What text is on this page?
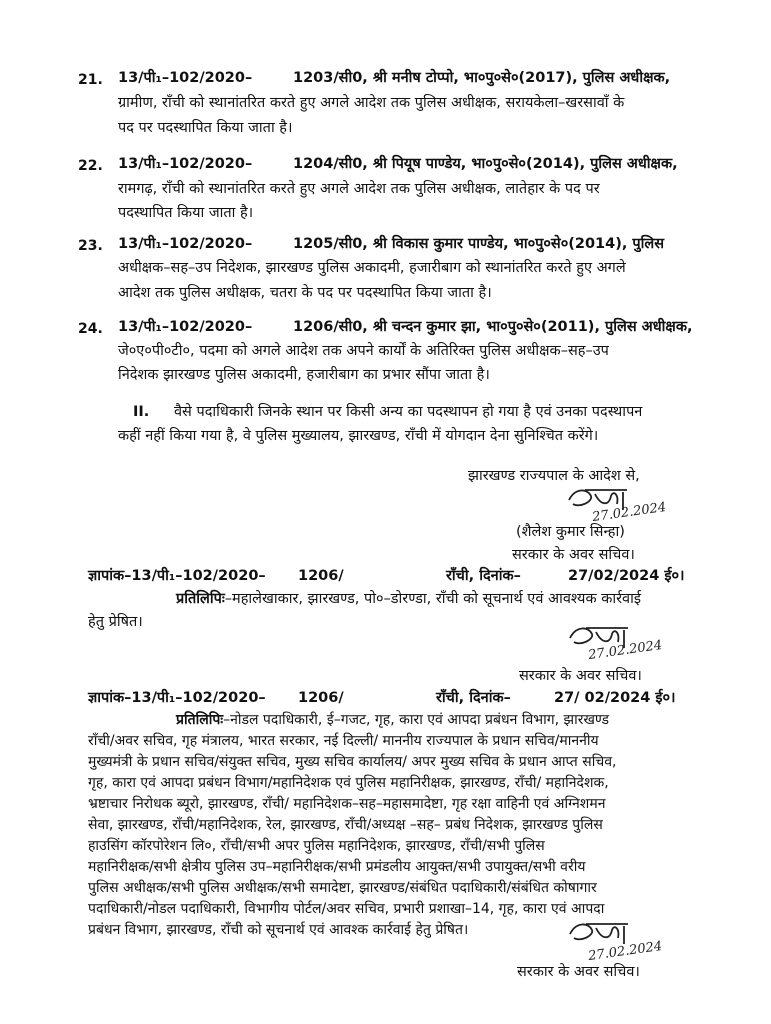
21. 13/पी₁–102/2020–	1203/सी0, श्री मनीष टोप्पो, भा०पु०से०(2017), पुलिस अधीक्षक,
ग्रामीण, राँची को स्थानांतरित करते हुए अगले आदेश तक पुलिस अधीक्षक, सरायकेला–खरसावाँ के
पद पर पदस्थापित किया जाता है।
22. 13/पी₁–102/2020–	1204/सी0, श्री पियूष पाण्डेय, भा०पु०से०(2014), पुलिस अधीक्षक,
रामगढ़, राँची को स्थानांतरित करते हुए अगले आदेश तक पुलिस अधीक्षक, लातेहार के पद पर
पदस्थापित किया जाता है।
23. 13/पी₁–102/2020–	1205/सी0, श्री विकास कुमार पाण्डेय, भा०पु०से०(2014), पुलिस
अधीक्षक–सह–उप निदेशक, झारखण्ड पुलिस अकादमी, हजारीबाग को स्थानांतरित करते हुए अगले
आदेश तक पुलिस अधीक्षक, चतरा के पद पर पदस्थापित किया जाता है।
24. 13/पी₁–102/2020–	1206/सी0, श्री चन्दन कुमार झा, भा०पु०से०(2011), पुलिस अधीक्षक,
जे०ए०पी०टी०, पदमा को अगले आदेश तक अपने कार्यों के अतिरिक्त पुलिस अधीक्षक–सह–उप
निदेशक झारखण्ड पुलिस अकादमी, हजारीबाग का प्रभार सौंपा जाता है।
II. वैसे पदाधिकारी जिनके स्थान पर किसी अन्य का पदस्थापन हो गया है एवं उनका पदस्थापन
कहीं नहीं किया गया है, वे पुलिस मुख्यालय, झारखण्ड, राँची में योगदान देना सुनिश्चित करेंगे।
झारखण्ड राज्यपाल के आदेश से,
27.02.2024
(शैलेश कुमार सिन्हा)
सरकार के अवर सचिव।
ज्ञापांक–13/पी₁–102/2020– 1206/	राँची, दिनांक–	27/02/2024 ई०।
प्रतिलिपिः–महालेखाकार, झारखण्ड, पो०–डोरण्डा, राँची को सूचनार्थ एवं आवश्यक कार्रवाई
हेतु प्रेषित।
27.02.2024
सरकार के अवर सचिव।
ज्ञापांक–13/पी₁–102/2020– 1206/	राँची, दिनांक–	27/ 02/2024 ई०।
प्रतिलिपिः–नोडल पदाधिकारी, ई–गजट, गृह, कारा एवं आपदा प्रबंधन विभाग, झारखण्ड
राँची/अवर सचिव, गृह मंत्रालय, भारत सरकार, नई दिल्ली/ माननीय राज्यपाल के प्रधान सचिव/माननीय
मुख्यमंत्री के प्रधान सचिव/संयुक्त सचिव, मुख्य सचिव कार्यालय/ अपर मुख्य सचिव के प्रधान आप्त सचिव,
गृह, कारा एवं आपदा प्रबंधन विभाग/महानिदेशक एवं पुलिस महानिरीक्षक, झारखण्ड, राँची/ महानिदेशक,
भ्रष्टाचार निरोधक ब्यूरो, झारखण्ड, राँची/ महानिदेशक–सह–महासमादेष्टा, गृह रक्षा वाहिनी एवं अग्निशमन
सेवा, झारखण्ड, राँची/महानिदेशक, रेल, झारखण्ड, राँची/अध्यक्ष –सह– प्रबंध निदेशक, झारखण्ड पुलिस
हाउसिंग कॉरपोरेशन लि०, राँची/सभी अपर पुलिस महानिदेशक, झारखण्ड, राँची/सभी पुलिस
महानिरीक्षक/सभी क्षेत्रीय पुलिस उप–महानिरीक्षक/सभी प्रमंडलीय आयुक्त/सभी उपायुक्त/सभी वरीय
पुलिस अधीक्षक/सभी पुलिस अधीक्षक/सभी समादेष्टा, झारखण्ड/संबंधित पदाधिकारी/संबंधित कोषागार
पदाधिकारी/नोडल पदाधिकारी, विभागीय पोर्टल/अवर सचिव, प्रभारी प्रशाखा–14, गृह, कारा एवं आपदा
प्रबंधन विभाग, झारखण्ड, राँची को सूचनार्थ एवं आवश्क कार्रवाई हेतु प्रेषित।
27.02.2024
सरकार के अवर सचिव।
